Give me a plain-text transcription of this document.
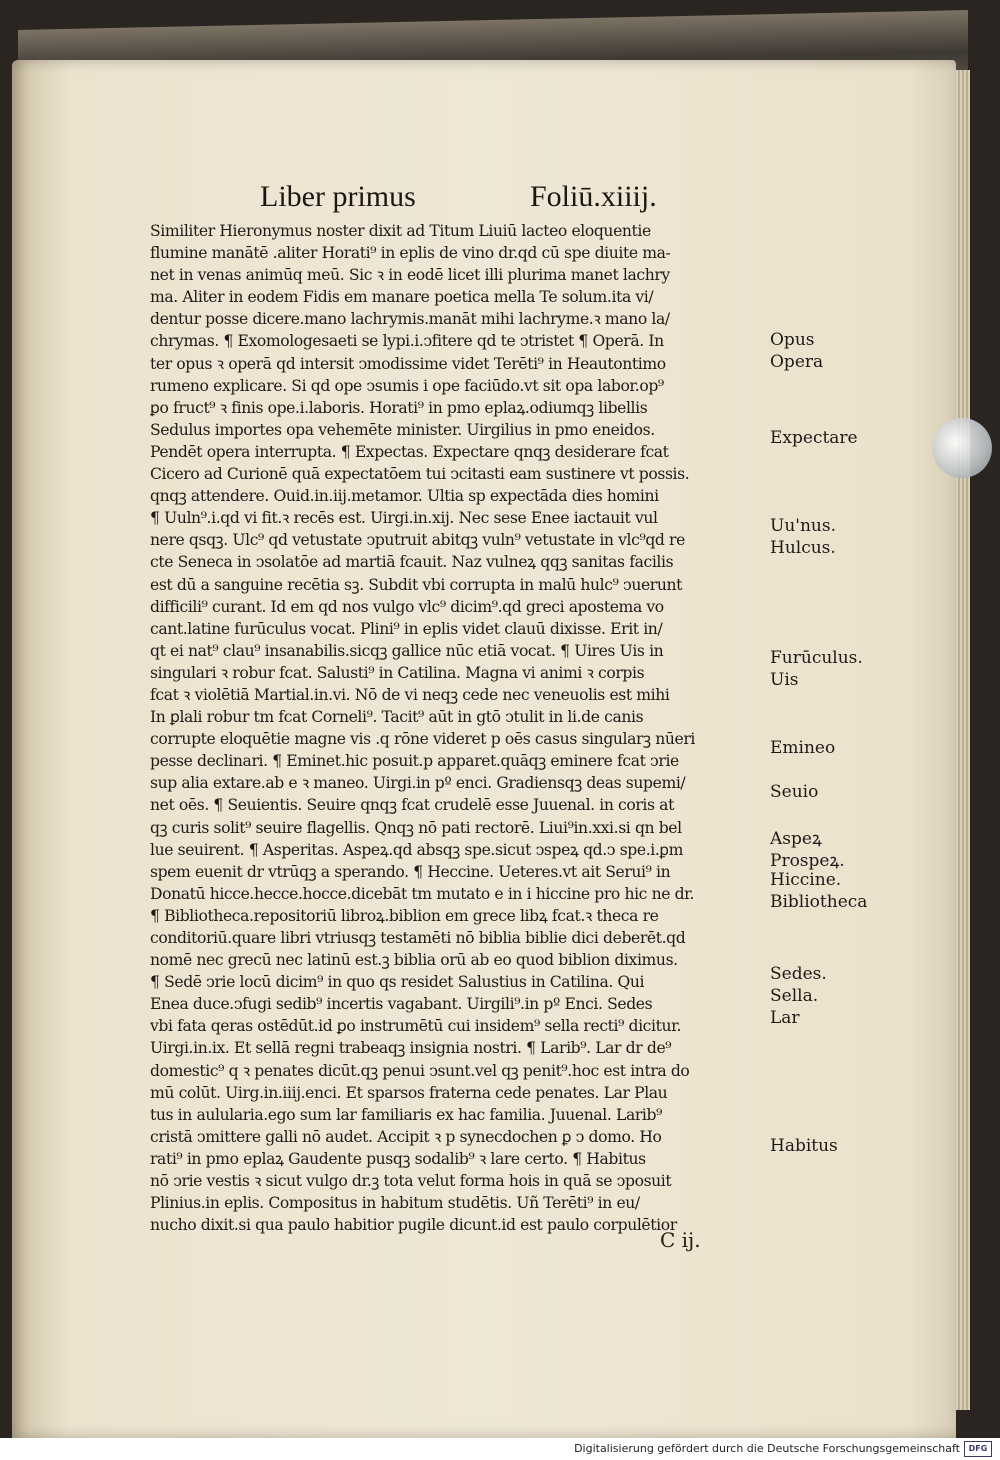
Liber primus	Foliū.xiiij.
Similiter Hieronymus noster dixit ad Titum Liuiū lacteo eloquentie
flumine manātē .aliter Horati⁹ in eplis de vino dr.qd cū spe diuite ma-
net in venas animūq meū. Sic ꝛ in eodē licet illi plurima manet lachry
ma. Aliter in eodem Fidis em manare poetica mella Te solum.ita vi/
dentur posse dicere.mano lachrymis.manāt mihi lachryme.ꝛ mano la/
chrymas. ¶ Exomologesaeti se lypi.i.ↄfitere qd te ↄtristet ¶ Operā. In
ter opus ꝛ operā qd intersit ↄmodissime videt Terēti⁹ in Heautontimo
rumeno explicare. Si qd ope ↄsumis i ope faciūdo.vt sit opa labor.op⁹
ꝑo fruct⁹ ꝛ finis ope.i.laboris. Horati⁹ in pmo eplaꝝ.odiumqꝫ libellis
Sedulus importes opa vehemēte minister. Uirgilius in pmo eneidos.
Pendēt opera interrupta. ¶ Expectas. Expectare qnqꝫ desiderare fcat
Cicero ad Curionē quā expectatōem tui ↄcitasti eam sustinere vt possis.
qnqꝫ attendere. Ouid.in.iij.metamor. Ultia sp expectāda dies homini
¶ Uuln⁹.i.qd vi fit.ꝛ recēs est. Uirgi.in.xij. Nec sese Enee iactauit vul
nere qsqꝫ. Ulc⁹ qd vetustate ↄputruit abitqꝫ vuln⁹ vetustate in vlc⁹qd re
cte Seneca in ↄsolatōe ad martiā fcauit. Naz vulneꝝ qqꝫ sanitas facilis
est dū a sanguine recētia sꝫ. Subdit vbi corrupta in malū hulc⁹ ↄuerunt
difficili⁹ curant. Id em qd nos vulgo vlc⁹ dicim⁹.qd greci apostema vo
cant.latine furūculus vocat. Plini⁹ in eplis videt clauū dixisse. Erit in/
qt ei nat⁹ clau⁹ insanabilis.sicqꝫ gallice nūc etiā vocat. ¶ Uires Uis in
singulari ꝛ robur fcat. Salusti⁹ in Catilina. Magna vi animi ꝛ corpis
fcat ꝛ violētiā Martial.in.vi. Nō de vi neqꝫ cede nec veneuolis est mihi
In ꝑlali robur tm fcat Corneli⁹. Tacit⁹ aūt in gtō ↄtulit in li.de canis
corrupte eloquētie magne vis .q rōne videret p oēs casus singularꝫ nūeri
pesse declinari. ¶ Eminet.hic posuit.p apparet.quāqꝫ eminere fcat ↄrie
sup alia extare.ab e ꝛ maneo. Uirgi.in pº enci. Gradiensqꝫ deas supemi/
net oēs. ¶ Seuientis. Seuire qnqꝫ fcat crudelē esse Juuenal. in coris at
qꝫ curis solit⁹ seuire flagellis. Qnqꝫ nō pati rectorē. Liui⁹in.xxi.si qn bel
lue seuirent. ¶ Asperitas. Aspeꝝ.qd absqꝫ spe.sicut ↄspeꝝ qd.ↄ spe.i.ꝑm
spem euenit dr vtrūqꝫ a sperando. ¶ Heccine. Ueteres.vt ait Serui⁹ in
Donatū hicce.hecce.hocce.dicebāt tm mutato e in i hiccine pro hic ne dr.
¶ Bibliotheca.repositoriū libroꝝ.biblion em grece libꝝ fcat.ꝛ theca re
conditoriū.quare libri vtriusqꝫ testamēti nō biblia biblie dici deberēt.qd
nomē nec grecū nec latinū est.ꝫ biblia orū ab eo quod biblion diximus.
¶ Sedē ↄrie locū dicim⁹ in quo qs residet Salustius in Catilina. Qui
Enea duce.ↄfugi sedib⁹ incertis vagabant. Uirgili⁹.in pº Enci. Sedes
vbi fata qeras ostēdūt.id ꝑo instrumētū cui insidem⁹ sella recti⁹ dicitur.
Uirgi.in.ix. Et sellā regni trabeaqꝫ insignia nostri. ¶ Larib⁹. Lar dr de⁹
domestic⁹ q ꝛ penates dicūt.qꝫ penui ↄsunt.vel qꝫ penit⁹.hoc est intra do
mū colūt. Uirg.in.iiij.enci. Et sparsos fraterna cede penates. Lar Plau
tus in aulularia.ego sum lar familiaris ex hac familia. Juuenal. Larib⁹
cristā ↄmittere galli nō audet. Accipit ꝛ p synecdochen ꝑ ↄ domo. Ho
rati⁹ in pmo eplaꝝ Gaudente pusqꝫ sodalib⁹ ꝛ lare certo. ¶ Habitus
nō ↄrie vestis ꝛ sicut vulgo dr.ꝫ tota velut forma hois in quā se ↄposuit
Plinius.in eplis. Compositus in habitum studētis. Uñ Terēti⁹ in eu/
nucho dixit.si qua paulo habitior pugile dicunt.id est paulo corpulētior
Opus
Opera
Expectare
Uu'nus.
Hulcus.
Furūculus.
Uis
Emineo
Seuio
Aspeꝝ
Prospeꝝ.
Hiccine.
Bibliotheca
Sedes.
Sella.
Lar
Habitus
C ij.
Digitalisierung gefördert durch die Deutsche Forschungsgemeinschaft	DFG
